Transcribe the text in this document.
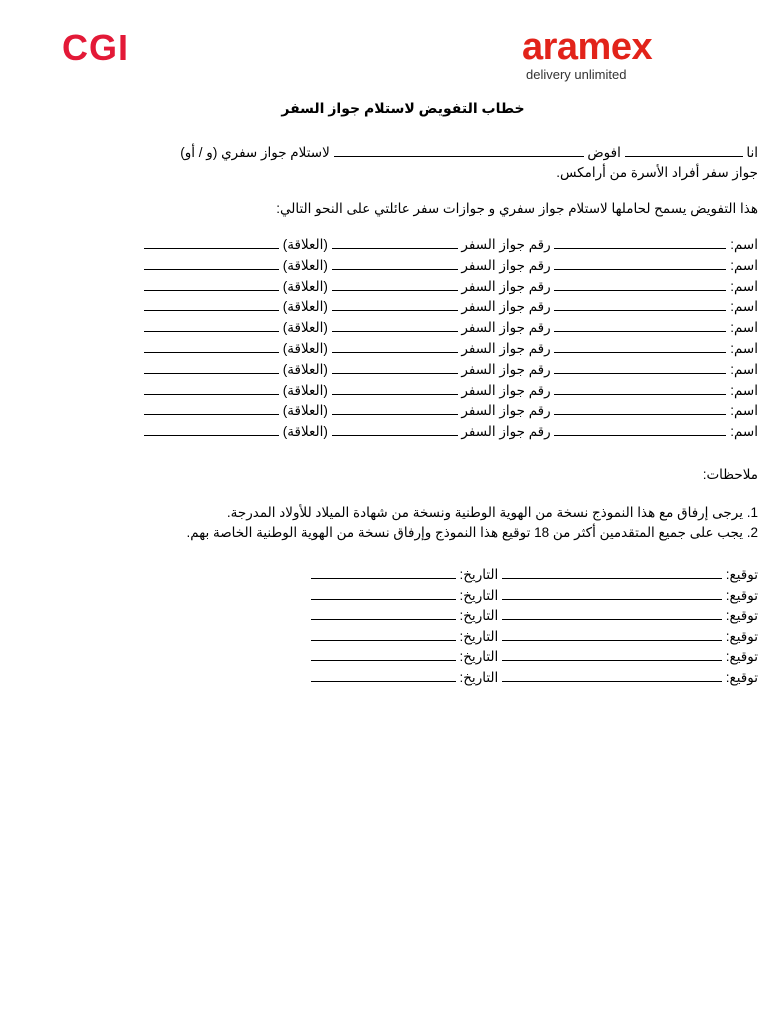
CGI	aramex
delivery unlimited
خطاب التفويض لاستلام جواز السفر
انا  افوض  لاستلام جواز سفري (و / أو)
جواز سفر أفراد الأسرة من أرامكس.
هذا التفويض يسمح لحاملها لاستلام جواز سفري و جوازات سفر عائلتي على النحو التالي:
اسم:  رقم جواز السفر  (العلاقة)
اسم:  رقم جواز السفر  (العلاقة)
اسم:  رقم جواز السفر  (العلاقة)
اسم:  رقم جواز السفر  (العلاقة)
اسم:  رقم جواز السفر  (العلاقة)
اسم:  رقم جواز السفر  (العلاقة)
اسم:  رقم جواز السفر  (العلاقة)
اسم:  رقم جواز السفر  (العلاقة)
اسم:  رقم جواز السفر  (العلاقة)
اسم:  رقم جواز السفر  (العلاقة)
ملاحظات:
1. يرجى إرفاق مع هذا النموذج نسخة من الهوية الوطنية ونسخة من شهادة الميلاد للأولاد المدرجة.
2. يجب على جميع المتقدمين أكثر من 18 توقيع هذا النموذج وإرفاق نسخة من الهوية الوطنية الخاصة بهم.
توقيع:  التاريخ:
توقيع:  التاريخ:
توقيع:  التاريخ:
توقيع:  التاريخ:
توقيع:  التاريخ:
توقيع:  التاريخ:
